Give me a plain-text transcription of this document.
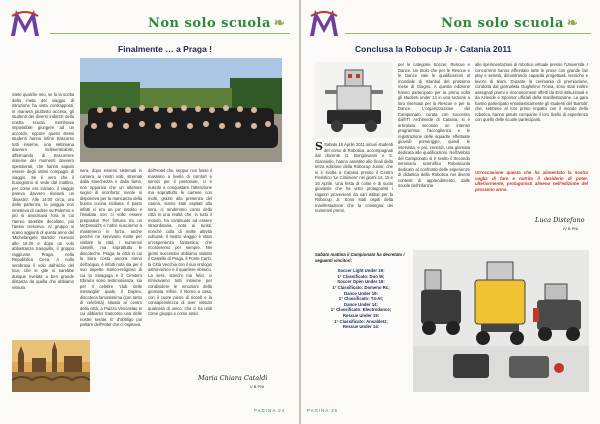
Non solo scuola ❧
Finalmente … a Praga !

Siete qualche mio, se fa la scelta della meta del viaggio di istruzione ha vista contrapposti, in maniera piuttosto accesa, gli studenti dei diversi indirizzi della nostra scuola. Sembrava impossibile giungere ad un accordo, eppure questi stessi studenti hanno infine trascorso tutti insieme, una settimana davvero indimenticabile, affermando di trascorrere insieme dei momenti davvero spensierati, che hanno saputo essere degli ottimi compagni di viaggio. Se è vero che il buongiorno si vede dal mattino, per come era iniziato, il viaggio pareva davvero rivelarsi un 'disastro'. Alle 14:00 circa, ora della partenza, la pioggia non smetteva di cadere su Palermo e più si avvicinava l'ora in cui l'aereo sarebbe decollato, più l'ansia cresceva. Al gruppo si erano aggiunti di quinta anno del 'Michelangelo Bartolo' ricevuto alle 16.30 e dopo un volo abbastanza tranquillo, il gruppo raggiunse Praga, nella Repubblica Ceca. A nulla sembrava il volo dall'inizio del tour, che le gite si sarebbe dunque rivelata a ben grande distanza da quella che abbiamo vissuto.

sera, dopo essersi sistemati in camera, ai nostri volti, stremati dalla stanchezza e dalla fame, non appariva che un ulteriore segno di sconforto: niente si disponeva per la mancanza della buona cucina siciliana. Il pasto infatti ci era un po' insolito e l'insalata non ci volle essere preparata! Per fortuna tra un McDonald's e l'altro riuscimmo a mantenerci in forza, anche perché ne servivano molte per visitare la città, i numerosi castelli, ma soprattutto le discoteche. Praga, la città in cui la birra costa ancora meno dell'acqua, è infatti nota sia per il suo aspetto storico-religioso di cui la Sinagoga e il Cimitero Ebraico sono testimonianza, sia per il celebre 'club delle meraviglie' quale, il Duplex, discoteca famosissima (con tanto di celebrità) situata al centro della città, a Piazza Venceslao in cui abbiamo trascorso una delle nostre serate. E' d'obbligo poi parlare dell'Hotel che ci ospitava.

dell'Hotel che, seppur non fosse il massimo a livello di comfort e servizi per il personale, ci è riuscito a conquistare l'attenzione ma soprattutto le camere con molti, grazie alla presenza del casinò, siamo stati ospitati alla sera, ci rendemmo conto della città in una realtà che, in tutto il mondo, ha continuato ad essere straordinaria, nota ai turisti, nonché culla di molte attività culturali. Il nostro viaggio è stato un'esperienza fantastica, che ricorderemo per sempre. Nei giorni successivi abbiamo visitato il Castello di Praga, il Ponte Carlo, la Città Vecchia con il suo orologio astronomico e il quartiere ebraico. La sera, stanchi ma felici, ci ritrovavamo tutti insieme per condividere le emozioni della giornata. Infine, il ritorno a casa, con il cuore pieno di ricordi e la consapevolezza di aver vissuto qualcosa di unico, che ci ha uniti come gruppo e come amici.

Maria Chiara Cataldi
V B PNI
PAGINA 24
Non solo scuola ❧
Conclusa la Robocup Jr - Catania 2011

S Sabato 16 Aprile 2011 alcuni studenti del corso di Robotica, accompagnati dal docente G. Bongiovanni e S. Gianniello, hanno assistito alle finali della terza edizione della Robocup Junior, che si è svolta a Catania presso il Centro Fieristico 'Le Ciminiere' nei giorni 14, 15 e 16 Aprile. Una festa di colori e di suoni giovanile che ha visto protagonisti i ragazzi provenienti da vari istituti per la Robocup Jr. Sono stati ospiti della manifestazione che la consegna dei numerosi premi.

per le categorie Soccer, Rescue e Dance. Un titolo che per le Rescue e le Dance vale le qualificazioni al mondiale di Istanbul del prossimo mese di Giugno. A questa edizione hanno partecipato per la prima volta gli studenti under 14 in una sezione a loro riservata per la Rescue e per la Dance. L'organizzazione del Campionato, curata con successo dall'ITI Archimede di Catania, si è articolata secondo un intenso programma: l'accoglienza e le registrazione delle squadre effettuate giovedì pomeriggio, quindi le intervista, e poi, venerdì, una giornata dedicata alle qualificazioni. Nell'ambito del Campionato si è svolto il Secondo seminario scientifico Roboscuola dedicato al confronto delle esperienze di didattica della Robotica nei diversi contesti di apprendimento, dalle scuole dell'infanzia

alle sperimentazioni di robotica virtuale presso l'Università. I concorrenti hanno affrontato tutte le prove con grande fair play e serietà, dimostrando capacità progettuali, tecniche e lavoro di team. Durante la cerimonia di premiazione, condotta dal giornalista Guglielmo Troina, sono stati inoltre assegnati premi e riconoscimenti offerti da Enti istituzionali e da Aziende e Sponsor ufficiali della manifestazione. La gara hanno partecipato entusiasticamente gli studenti del 'Bartolo' che, sebbene al loro primo impatto con il mondo della robotica, hanno potuto comparire il loro livello di esperienza con quello delle scuole partecipanti.

Un'occasione questa che ha alimentato la nostra voglia di fare e nutrito il desiderio di poter, ulteriormente, protagonisti almeno nell'edizione del prossimo anno.
Luca Distefano
IV B PNI
Sabato mattina il Campionato ha decretato i seguenti vincitori:
Soccer Light Under 19:
1° Classificato: Duo W;
Soccer Open Under 19:
1° Classificato: Domeno Rc;
Dance Under 19:
1° Classificato: T4-At;
Dance Under 14:
1° Classificato: Electrodance;
Rescue Under 19:
1° Classificato: Ansaldetz;
Rescue Under 14:
PAGINA 25
